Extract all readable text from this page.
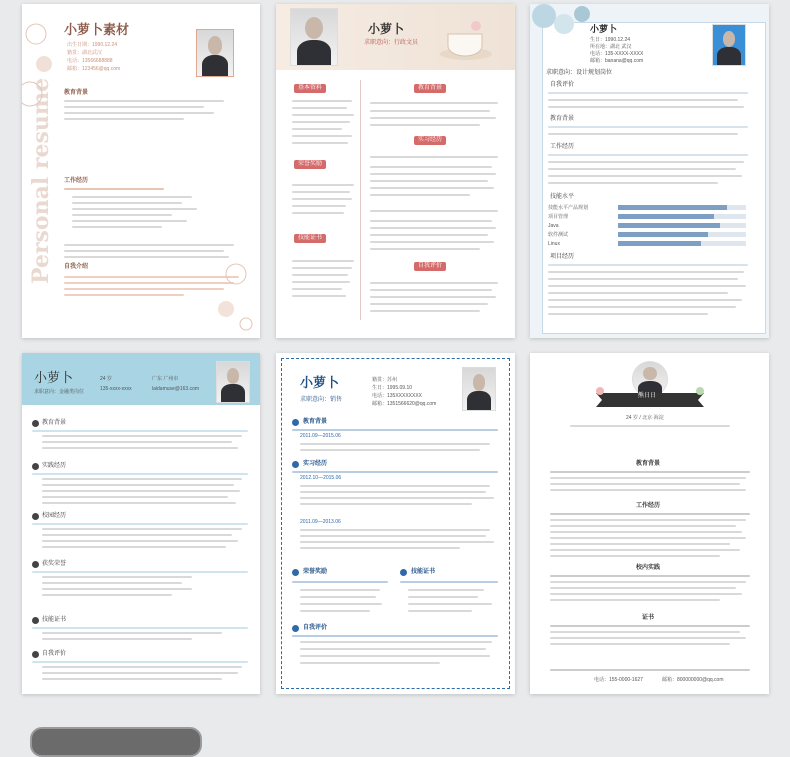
Personal resume
小萝卜素材
出生日期：1990.12.24
籍贯：湖北武汉
电话：13566688888
邮箱：123456@qq.com
教育背景
工作经历
自我介绍
小萝卜
求职意向：行政文员
基本资料
荣誉奖励
技能证书
教育背景
实习经历
自我评价
小萝卜
生日：1990.12.24
所在地：湖北 武汉
电话：135-XXXX-XXXX
邮箱：banana@qq.com
求职意向：设计规划岗位
自我评价
教育背景
工作经历
技能水平
技能水平产品规划
项目管理
Java
软件测试
Linux
项目经历
小萝卜
求职意向：金融类岗位
24 岁	广东 广州市
135-xxxx-xxxx	laidamuse@163.com
教育背景
实践经历
校园经历
获奖荣誉
技能证书
自我评价
小萝卜
求职意向：销售
籍贯：苏州
生日：1995.09.10
电话：135XXXXXXXX
邮箱：1351566620@qq.com
教育背景
2011.09—2015.06
实习经历
2012.10—2015.06
2011.09—2013.06
荣誉奖励	技能证书
自我评价
熊日日
24 岁 / 北京·海淀
教育背景
工作经历
校内实践
证书
电话：155-0000-1627	邮箱：800000000@qq.com
